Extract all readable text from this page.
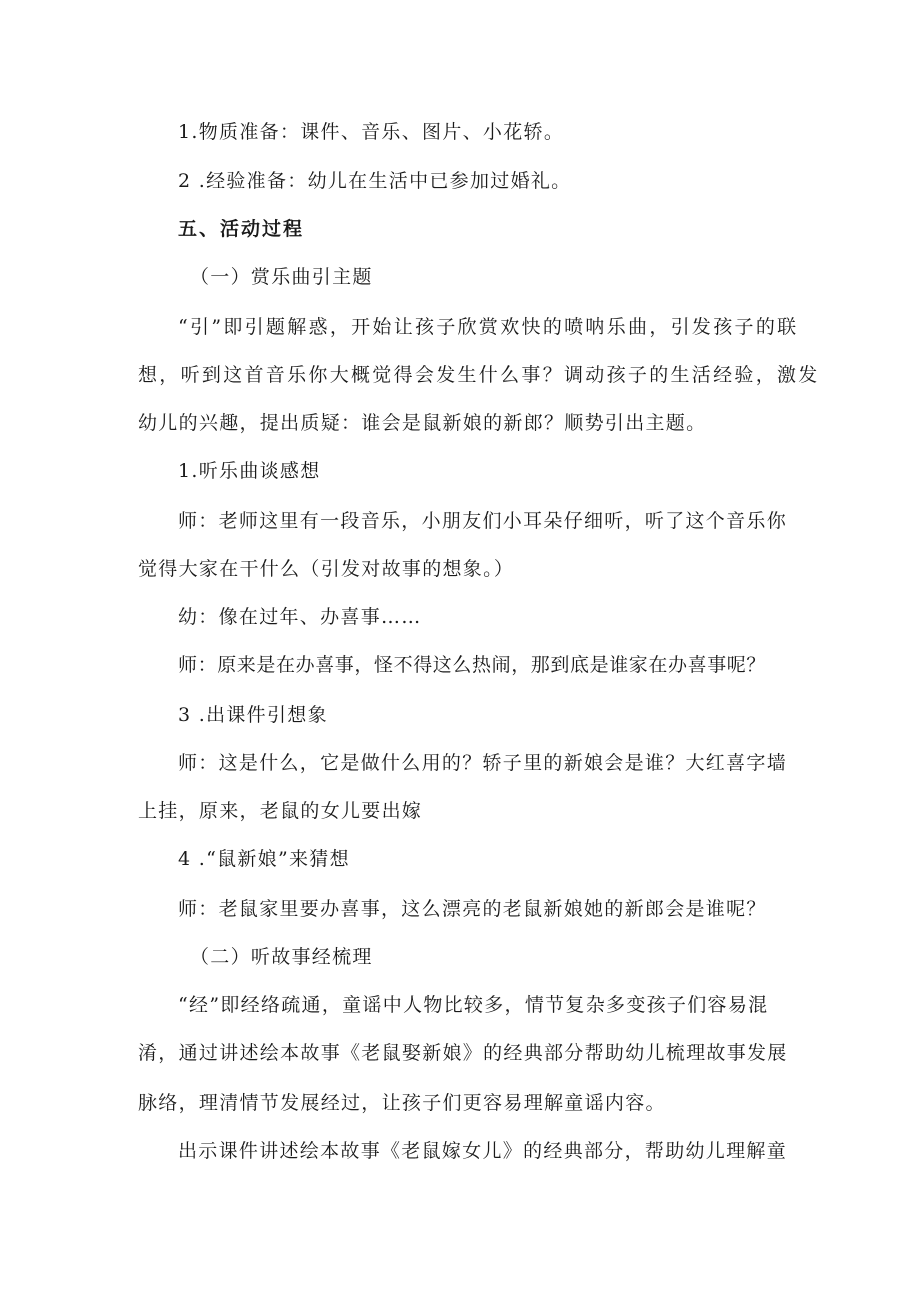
1.物质准备：课件、音乐、图片、小花轿。

2 .经验准备：幼儿在生活中已参加过婚礼。

五、活动过程

（一）赏乐曲引主题

“引”即引题解惑，开始让孩子欣赏欢快的喷呐乐曲，引发孩子的联

想，听到这首音乐你大概觉得会发生什么事？调动孩子的生活经验，激发

幼儿的兴趣，提出质疑：谁会是鼠新娘的新郎？顺势引出主题。

1.听乐曲谈感想

师：老师这里有一段音乐，小朋友们小耳朵仔细听，听了这个音乐你

觉得大家在干什么（引发对故事的想象。）

幼：像在过年、办喜事……

师：原来是在办喜事，怪不得这么热闹，那到底是谁家在办喜事呢？

3 .出课件引想象

师：这是什么，它是做什么用的？轿子里的新娘会是谁？大红喜字墙

上挂，原来，老鼠的女儿要出嫁

4 .“鼠新娘”来猜想

师：老鼠家里要办喜事，这么漂亮的老鼠新娘她的新郎会是谁呢？

（二）听故事经梳理

“经”即经络疏通，童谣中人物比较多，情节复杂多变孩子们容易混

淆，通过讲述绘本故事《老鼠娶新娘》的经典部分帮助幼儿梳理故事发展

脉络，理清情节发展经过，让孩子们更容易理解童谣内容。

出示课件讲述绘本故事《老鼠嫁女儿》的经典部分，帮助幼儿理解童
